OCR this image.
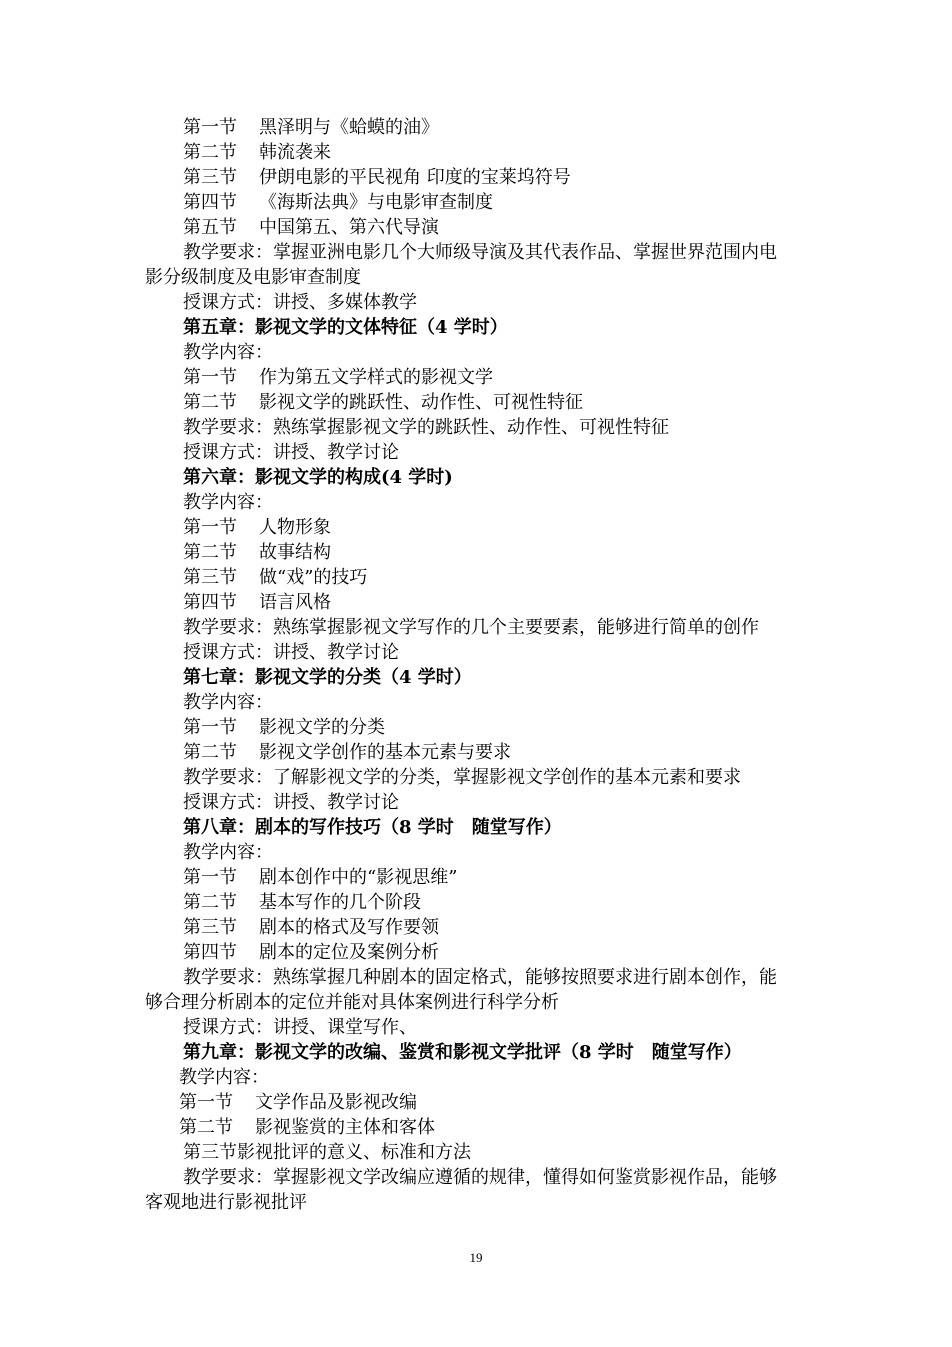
第一节 黑泽明与《蛤蟆的油》
第二节 韩流袭来
第三节 伊朗电影的平民视角 印度的宝莱坞符号
第四节 《海斯法典》与电影审查制度
第五节 中国第五、第六代导演
教学要求：掌握亚洲电影几个大师级导演及其代表作品、掌握世界范围内电
影分级制度及电影审查制度
授课方式：讲授、多媒体教学
第五章：影视文学的文体特征（4 学时）
教学内容：
第一节 作为第五文学样式的影视文学
第二节 影视文学的跳跃性、动作性、可视性特征
教学要求：熟练掌握影视文学的跳跃性、动作性、可视性特征
授课方式：讲授、教学讨论
第六章：影视文学的构成(4 学时)
教学内容：
第一节 人物形象
第二节 故事结构
第三节 做“戏”的技巧
第四节 语言风格
教学要求：熟练掌握影视文学写作的几个主要要素，能够进行简单的创作
授课方式：讲授、教学讨论
第七章：影视文学的分类（4 学时）
教学内容：
第一节 影视文学的分类
第二节 影视文学创作的基本元素与要求
教学要求：了解影视文学的分类，掌握影视文学创作的基本元素和要求
授课方式：讲授、教学讨论
第八章：剧本的写作技巧（8 学时　随堂写作）
教学内容：
第一节 剧本创作中的“影视思维”
第二节 基本写作的几个阶段
第三节 剧本的格式及写作要领
第四节 剧本的定位及案例分析
教学要求：熟练掌握几种剧本的固定格式，能够按照要求进行剧本创作，能
够合理分析剧本的定位并能对具体案例进行科学分析
授课方式：讲授、课堂写作、
第九章：影视文学的改编、鉴赏和影视文学批评（8 学时　随堂写作）
教学内容：
第一节 文学作品及影视改编
第二节 影视鉴赏的主体和客体
第三节影视批评的意义、标准和方法
教学要求：掌握影视文学改编应遵循的规律，懂得如何鉴赏影视作品，能够
客观地进行影视批评
19
